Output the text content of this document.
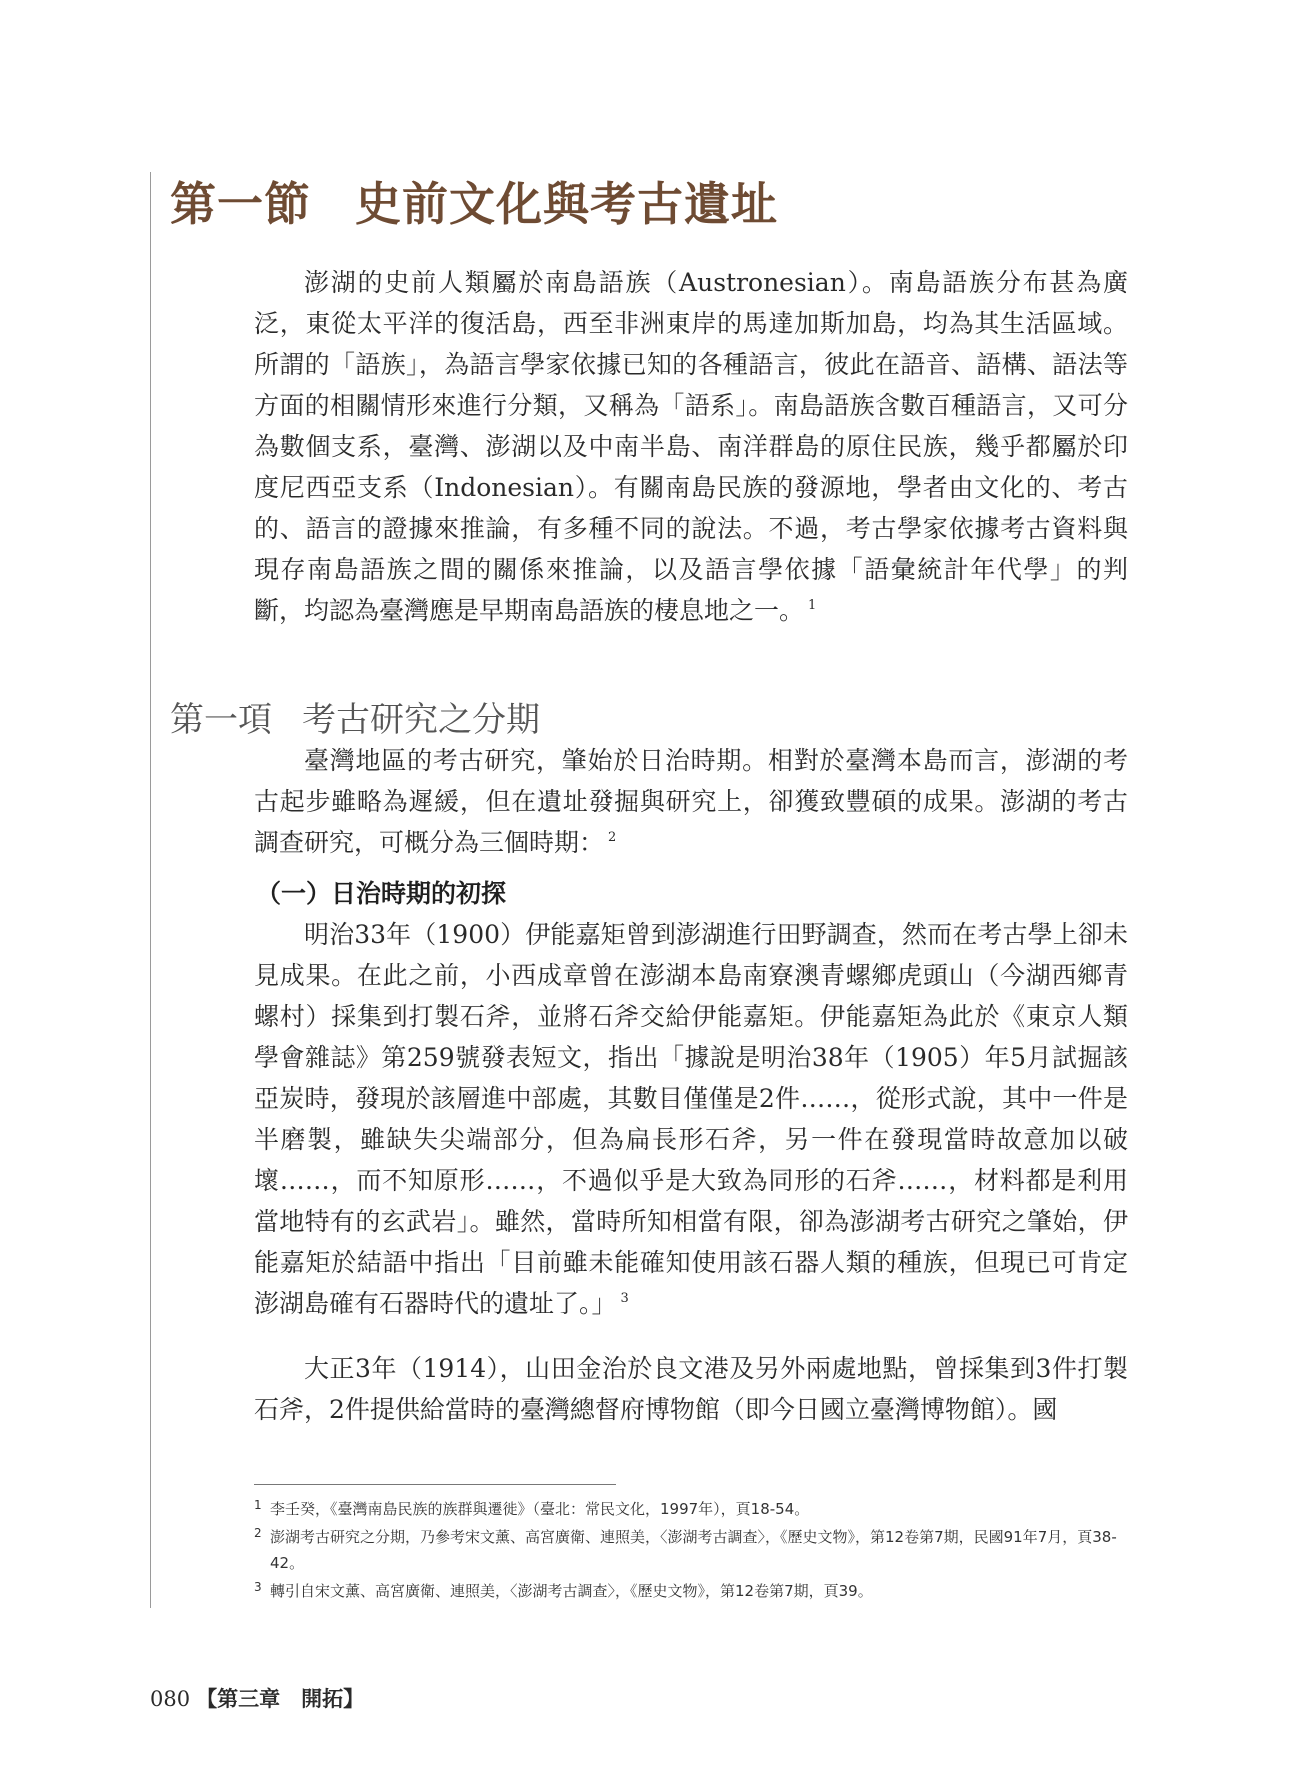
第一節 史前文化與考古遺址

澎湖的史前人類屬於南島語族（Austronesian）。南島語族分布甚為廣泛，東從太平洋的復活島，西至非洲東岸的馬達加斯加島，均為其生活區域。所謂的「語族」，為語言學家依據已知的各種語言，彼此在語音、語構、語法等方面的相關情形來進行分類，又稱為「語系」。南島語族含數百種語言，又可分為數個支系，臺灣、澎湖以及中南半島、南洋群島的原住民族，幾乎都屬於印度尼西亞支系（Indonesian）。有關南島民族的發源地，學者由文化的、考古的、語言的證據來推論，有多種不同的說法。不過，考古學家依據考古資料與現存南島語族之間的關係來推論，以及語言學依據「語彙統計年代學」的判斷，均認為臺灣應是早期南島語族的棲息地之一。 $^1$

第一項 考古研究之分期

臺灣地區的考古研究，肇始於日治時期。相對於臺灣本島而言，澎湖的考古起步雖略為遲緩，但在遺址發掘與研究上，卻獲致豐碩的成果。澎湖的考古調查研究，可概分為三個時期： $^2$

（一）日治時期的初探

明治33年（1900）伊能嘉矩曾到澎湖進行田野調查，然而在考古學上卻未見成果。在此之前，小西成章曾在澎湖本島南寮澳青螺鄉虎頭山（今湖西鄉青螺村）採集到打製石斧，並將石斧交給伊能嘉矩。伊能嘉矩為此於《東京人類學會雜誌》第259號發表短文，指出「據說是明治38年（1905）年5月試掘該亞炭時，發現於該層進中部處，其數目僅僅是2件……，從形式說，其中一件是半磨製，雖缺失尖端部分，但為扁長形石斧，另一件在發現當時故意加以破壞……，而不知原形……，不過似乎是大致為同形的石斧……，材料都是利用當地特有的玄武岩」。雖然，當時所知相當有限，卻為澎湖考古研究之肇始，伊能嘉矩於結語中指出「目前雖未能確知使用該石器人類的種族，但現已可肯定澎湖島確有石器時代的遺址了。」 $^3$

大正3年（1914），山田金治於良文港及另外兩處地點，曾採集到3件打製石斧，2件提供給當時的臺灣總督府博物館（即今日國立臺灣博物館）。國

1 李壬癸，《臺灣南島民族的族群與遷徙》（臺北：常民文化，1997年），頁18-54。

2 澎湖考古研究之分期，乃參考宋文薰、高宮廣衛、連照美，〈澎湖考古調查〉，《歷史文物》，第12卷第7期，民國91年7月，頁38-42。

3 轉引自宋文薰、高宮廣衛、連照美，〈澎湖考古調查〉，《歷史文物》，第12卷第7期，頁39。

080 【第三章　開拓】
